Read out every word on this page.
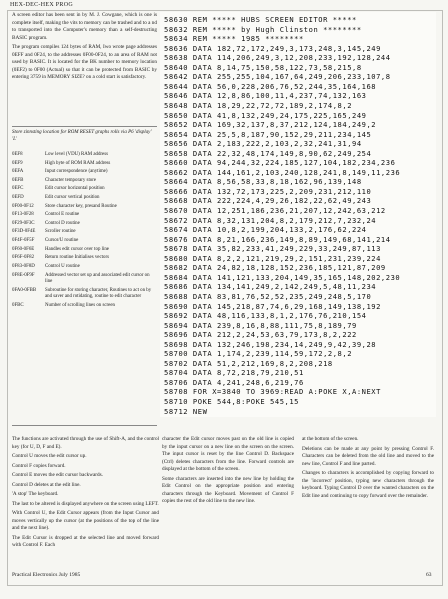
HEX-DEC-HEX PROG

A screen editor has been sent in by M. J. Cowgane, which is one is complete itself, making the vits to memory can be trashed and to a nd to transported into the Computer's memory than a self-destructing BASIC program.

The program compiles 124 bytes of RAM, Iwo wrote page addresses 0EFF and 0F24, to the addresses 0F00-0F24, to an area of RAM not used by BASIC. It is located for the BK number to memory location (0EF2) to 0F00 (Actual) so that it can be protected from BASIC by entering 3759 in MEMORY SIZE? on a cold start is satisfactory.

Store zinnsting location for ROM RESET graphs rolls via P6 'display' 'L'
0EF8	Low level (VDU) RAM address
0EF9	High byte of ROM RAM address
0EFA	Input correspondence (anytime)
0EFB	Character temporary store
0EFC	Edit cursor horizontal position
0EFD	Edit cursor vertical position
0F00-0F12	Store character key, presand Routine
0F13-0F28	Control E routine
0F29-0F3C	Control D routine
0F3D-0F4E	Scroller routine
0F4F-0F5F	Cursor/U routine
0F60-0F6E	Handles edit cursor over top line
0F6F-0F82	Return routine Initialises vectors
0F83-0F8D	Control U routine
0F8E-0F9F	Addressed vector set up and associated edit cursor on line
0FA0-0FBB	Subroutine for storing character, Routines to act on by and saver and rotidating, routine to edit character
0FBC	Number of scrolling lines on screen
58630 REM ***** HUBS SCREEN EDITOR *****
58632 REM ***** by Hugh Clinston ********
58634 REM ***** 1985 ********
58636 DATA 182,72,172,249,3,173,248,3,145,249
58638 DATA 114,206,249,3,12,208,233,192,128,244
58640 DATA 8,14,75,150,58,122,73,58,215,8
58642 DATA 255,255,104,167,64,249,206,233,107,8
58644 DATA 56,0,228,206,76,52,244,35,164,168
58646 DATA 12,8,86,100,11,4,237,74,132,163
58648 DATA 18,29,22,72,72,189,2,174,8,2
58650 DATA 41,8,132,249,24,175,225,165,249
58652 DATA 169,32,137,8,37,212,124,184,249,2
58654 DATA 25,5,8,187,90,152,29,211,234,145
58656 DATA 2,183,222,2,103,2,32,241,31,94
58658 DATA 22,32,48,174,149,8,90,62,249,254
58660 DATA 94,244,32,224,185,127,104,182,234,236
58662 DATA 144,161,2,103,240,128,241,8,149,11,236
58664 DATA 8,56,58,33,8,18,162,96,139,148
58666 DATA 132,72,173,225,2,209,231,212,110
58668 DATA 222,224,4,29,26,182,22,62,49,243
58670 DATA 12,251,186,236,21,207,12,242,63,212
58672 DATA 8,32,131,204,8,2,179,212,7,232,24
58674 DATA 10,8,2,199,204,133,2,176,62,224
58676 DATA 8,21,166,236,149,8,89,149,68,141,214
58678 DATA 35,82,233,41,249,229,33,249,87,113
58680 DATA 8,2,2,121,219,29,2,151,231,239,224
58682 DATA 24,82,18,128,152,236,185,121,87,209
58684 DATA 141,121,133,204,149,35,165,148,202,230
58686 DATA 134,141,249,2,142,249,5,48,11,234
58688 DATA 83,81,76,52,52,235,249,248,5,170
58690 DATA 145,218,87,74,6,29,168,149,138,192
58692 DATA 48,116,133,8,1,2,176,76,210,154
58694 DATA 239,8,16,8,88,111,75,8,189,79
58696 DATA 212,2,24,53,63,79,173,8,2,222
58698 DATA 132,246,198,234,14,249,9,42,39,28
58700 DATA 1,174,2,239,114,59,172,2,8,2
58702 DATA 51,2,212,169,8,2,208,218
58704 DATA 8,72,218,79,210,51
58706 DATA 4,241,248,6,219,76
58708 FOR X=3840 TO 3969:READ A:POKE X,A:NEXT
58710 POKE 544,8:POKE 545,15
58712 NEW

The functions are activated through the use of Shift-A, and the control key (for U, D, F and E).

Control U moves the edit cursor up.

Control F copies forward.

Control E moves the edit cursor backwards.

Control D deletes at the edit line.

'A stop' The keyboard.

The last to be altered is displayed anywhere on the screen using LEFT.

With Control U, the Edit Cursor appears (from the Input Cursor and moves vertically up the cursor (at the positions of the top of the line and the next line).

The Edit Cursor is dropped at the selected line and moved forward with Control F. Each

character the Edit cursor moves past on the old line is copied by the input cursor on a new line on the screen on the screen. The input cursor is reset by the line Control D. Backspace (Ctrl) deletes characters from the line. Forward controls are displayed at the bottom of the screen.

Some characters are inserted into the new line by holding the Edit Control on the appropriate position and entering characters through the Keyboard. Movement of Control F copies the rest of the old line to the new line.

at the bottom of the screen.

Deletions can be made at any point by pressing Control F. Characters can be deleted from the old line and moved to the new line, Control F and line parted.

Changes to characters is accomplished by copying forward to the 'incorrect' position, typing new characters through the keyboard. Typing Control D over the wanted characters on the Edit line and continuing to copy forward over the remainder.

Practical Electronics July 1985	63
